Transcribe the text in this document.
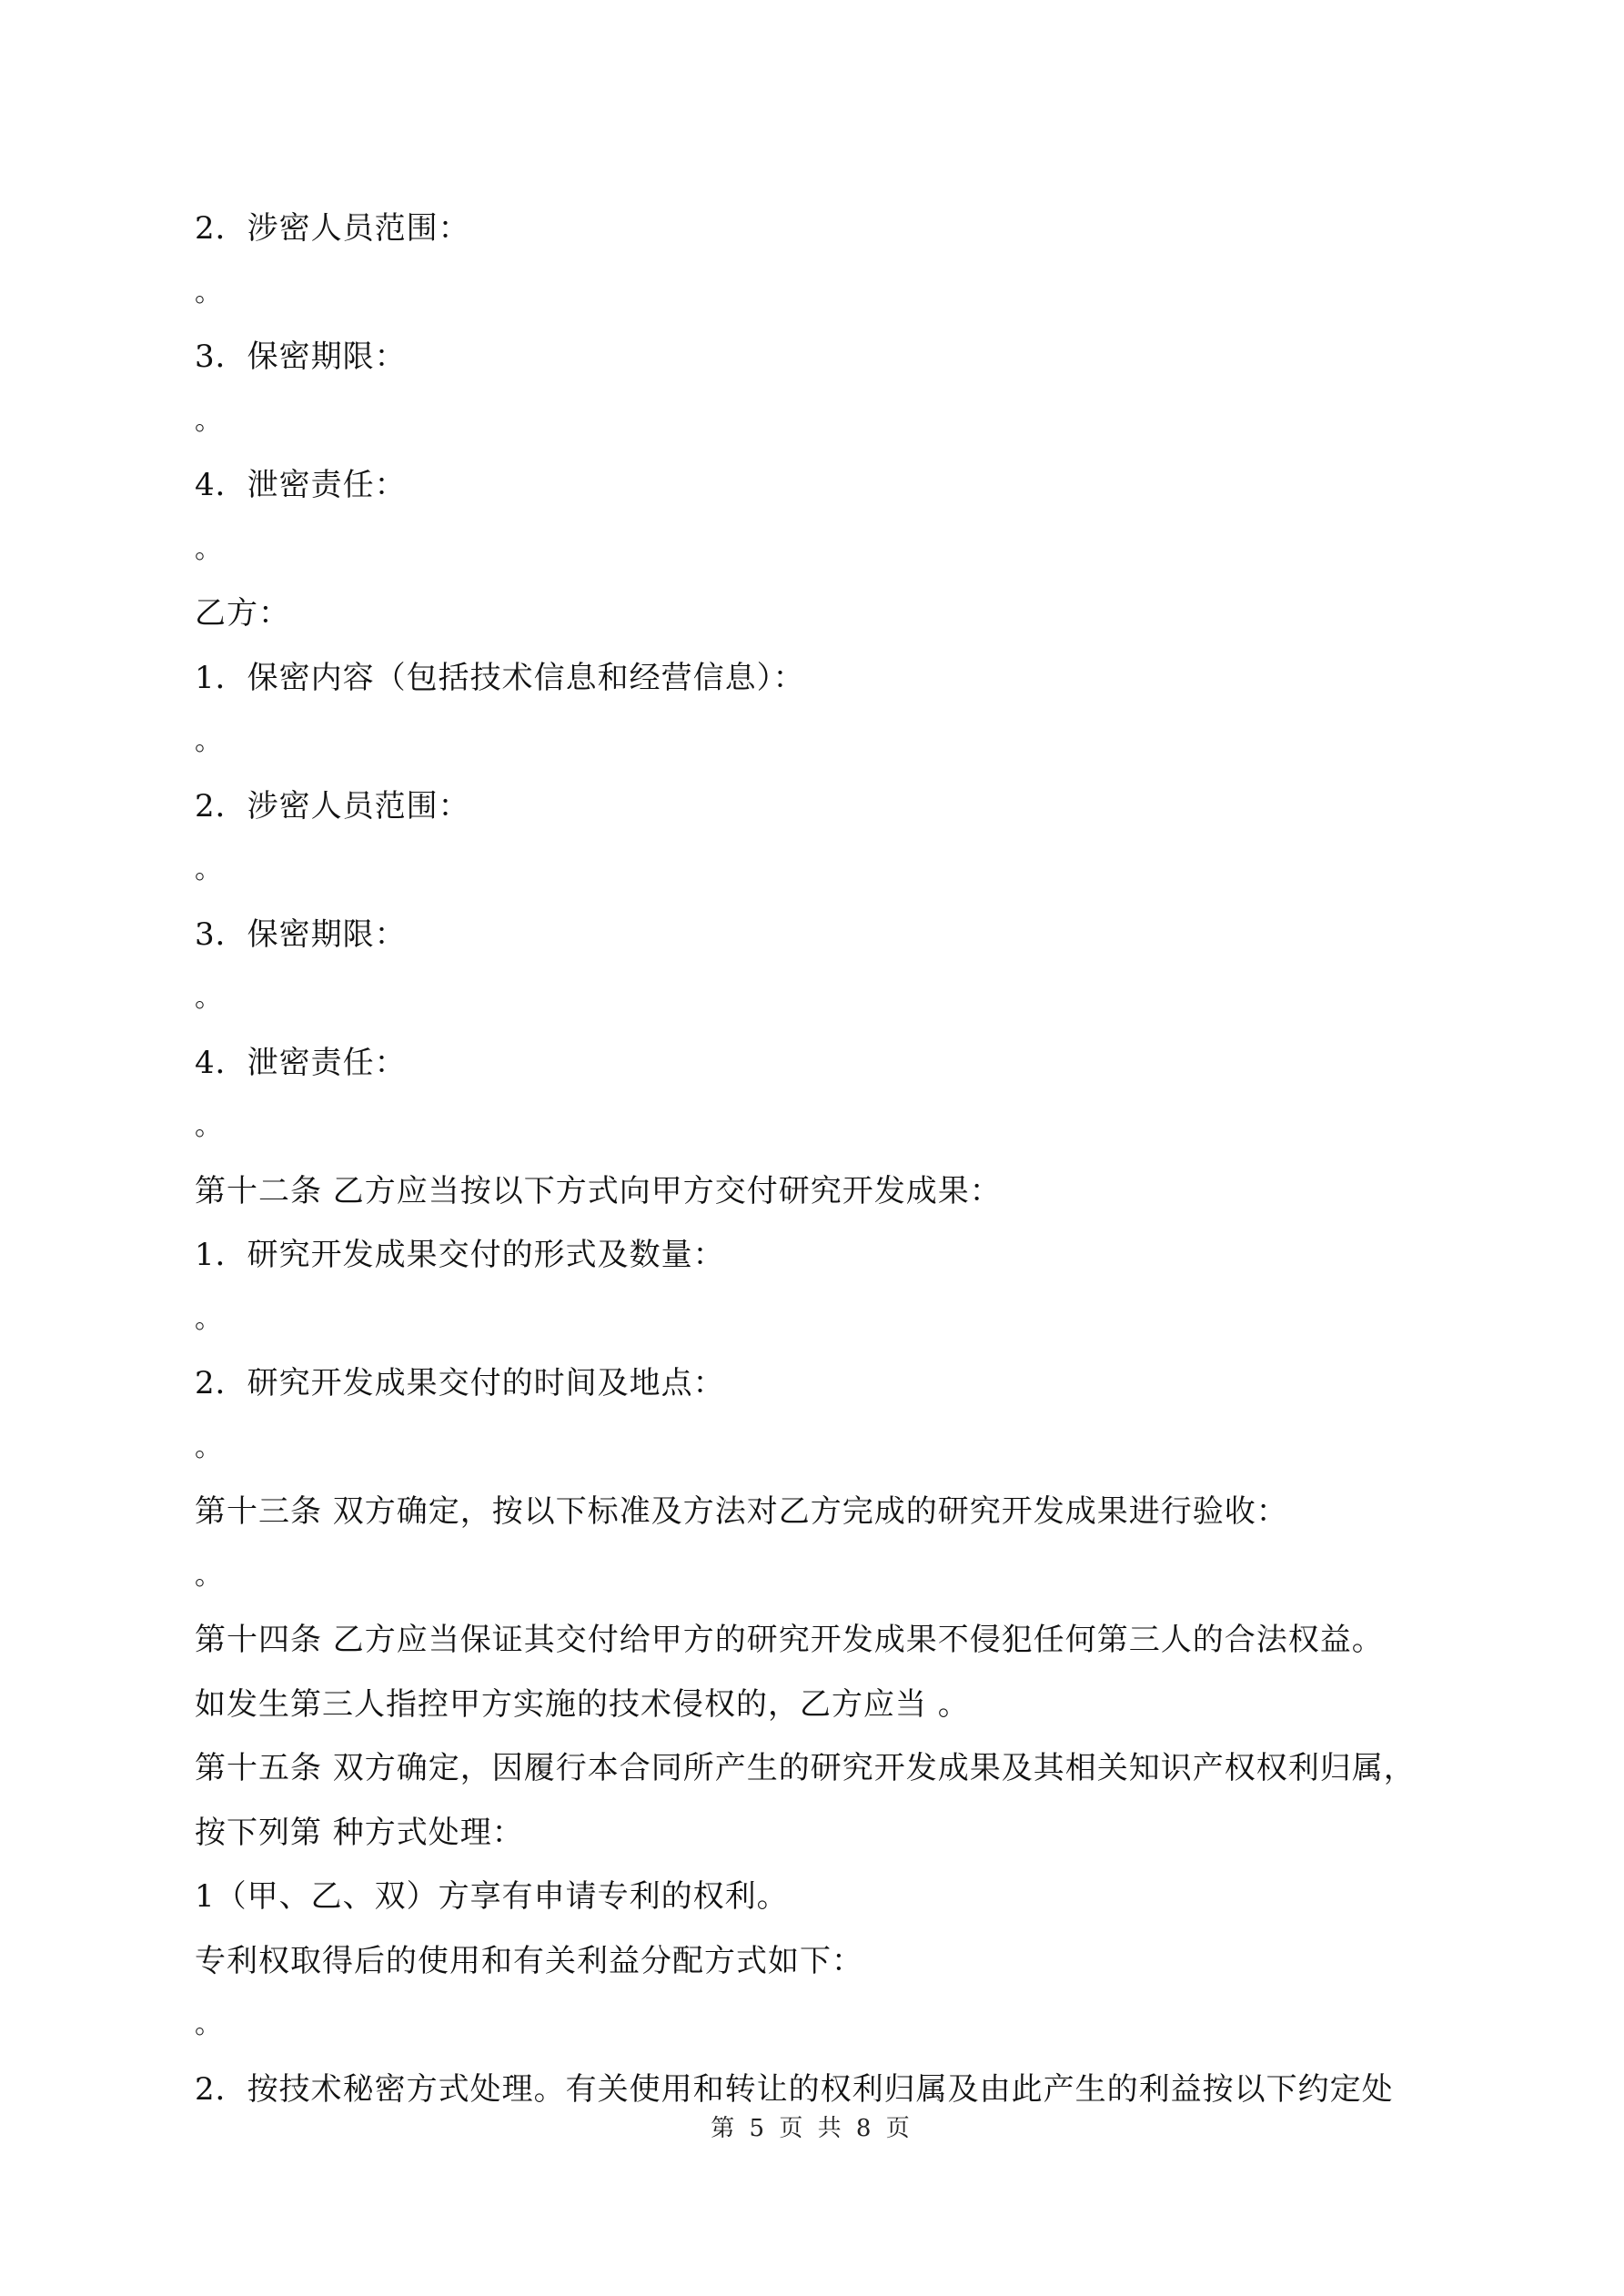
2．涉密人员范围：
。
3．保密期限：
。
4．泄密责任：
。
乙方：
1．保密内容（包括技术信息和经营信息）：
。
2．涉密人员范围：
。
3．保密期限：
。
4．泄密责任：
。
第十二条 乙方应当按以下方式向甲方交付研究开发成果：
1．研究开发成果交付的形式及数量：
。
2．研究开发成果交付的时间及地点：
。
第十三条 双方确定，按以下标准及方法对乙方完成的研究开发成果进行验收：
。
第十四条 乙方应当保证其交付给甲方的研究开发成果不侵犯任何第三人的合法权益。
如发生第三人指控甲方实施的技术侵权的，乙方应当 。
第十五条 双方确定，因履行本合同所产生的研究开发成果及其相关知识产权权利归属，
按下列第 种方式处理：
1（甲、乙、双）方享有申请专利的权利。
专利权取得后的使用和有关利益分配方式如下：
。
2．按技术秘密方式处理。有关使用和转让的权利归属及由此产生的利益按以下约定处
第 5 页 共 8 页
